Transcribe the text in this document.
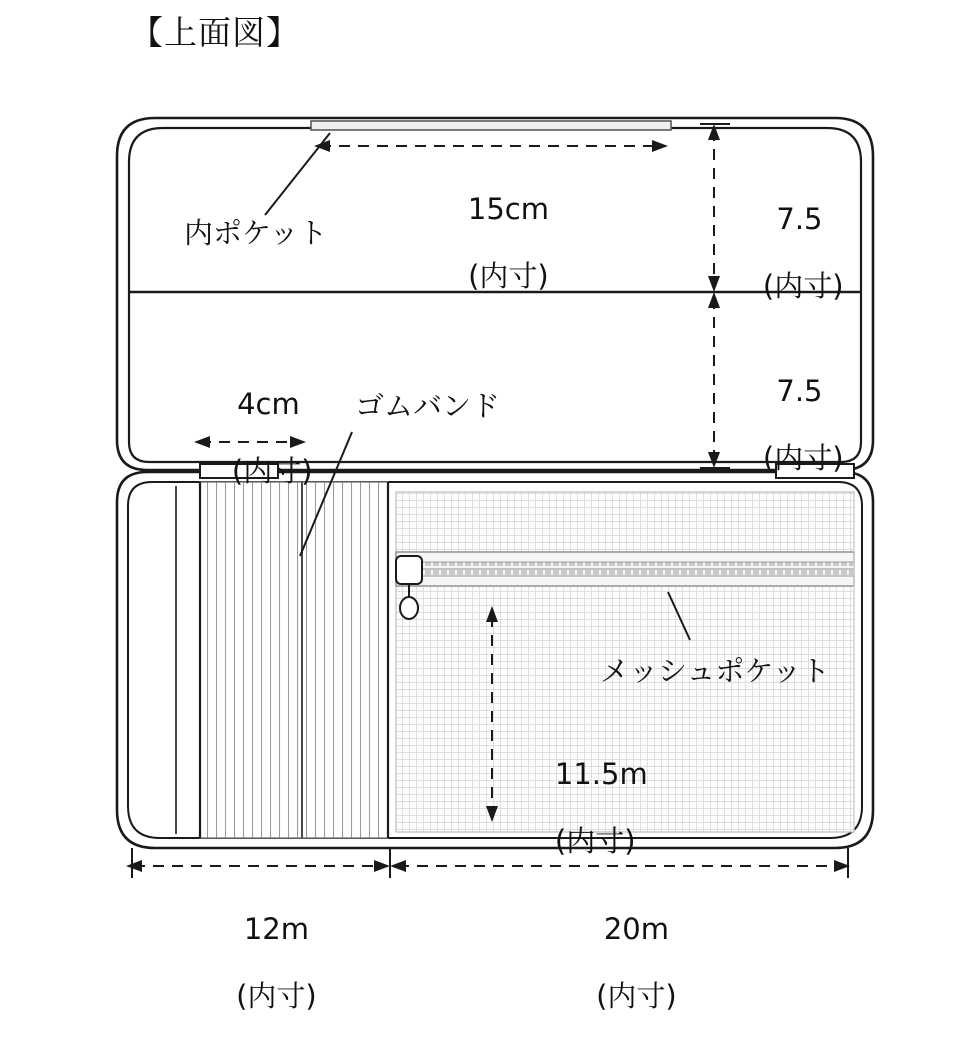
【上面図】

15cm

(内寸)

7.5

(内寸)

7.5

(内寸)

内ポケット

4cm

(内寸)

ゴムバンド
メッシュポケット

11.5m

(内寸)

12m

(内寸)

20m

(内寸)
